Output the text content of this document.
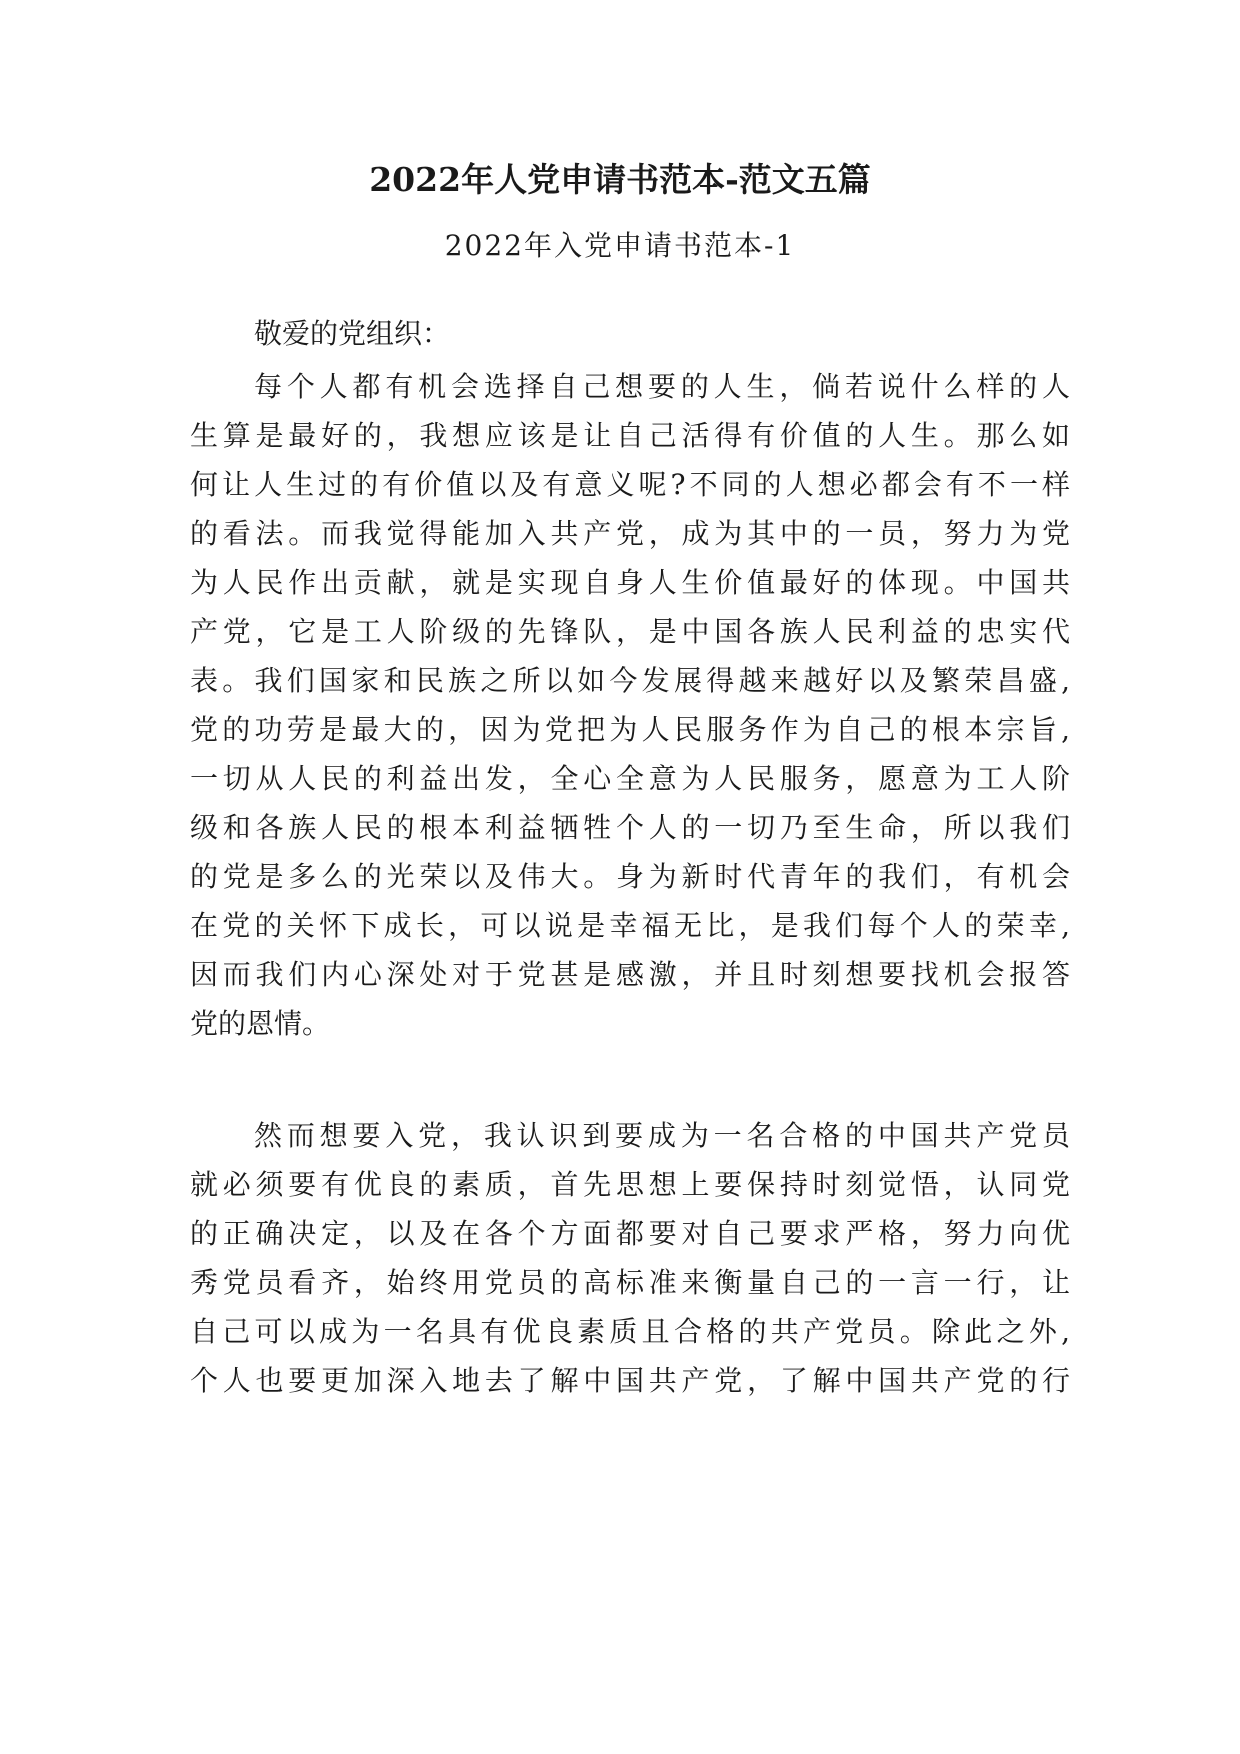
2022年人党申请书范本-范文五篇
2022年入党申请书范本-1
敬爱的党组织：
每个人都有机会选择自己想要的人生，倘若说什么样的人
生算是最好的，我想应该是让自己活得有价值的人生。那么如
何让人生过的有价值以及有意义呢?不同的人想必都会有不一样
的看法。而我觉得能加入共产党，成为其中的一员，努力为党
为人民作出贡献，就是实现自身人生价值最好的体现。中国共
产党，它是工人阶级的先锋队，是中国各族人民利益的忠实代
表。我们国家和民族之所以如今发展得越来越好以及繁荣昌盛,
党的功劳是最大的，因为党把为人民服务作为自己的根本宗旨,
一切从人民的利益出发，全心全意为人民服务，愿意为工人阶
级和各族人民的根本利益牺牲个人的一切乃至生命，所以我们
的党是多么的光荣以及伟大。身为新时代青年的我们，有机会
在党的关怀下成长，可以说是幸福无比，是我们每个人的荣幸,
因而我们内心深处对于党甚是感激，并且时刻想要找机会报答
党的恩情。
然而想要入党，我认识到要成为一名合格的中国共产党员
就必须要有优良的素质，首先思想上要保持时刻觉悟，认同党
的正确决定，以及在各个方面都要对自己要求严格，努力向优
秀党员看齐，始终用党员的高标准来衡量自己的一言一行，让
自己可以成为一名具有优良素质且合格的共产党员。除此之外,
个人也要更加深入地去了解中国共产党，了解中国共产党的行
